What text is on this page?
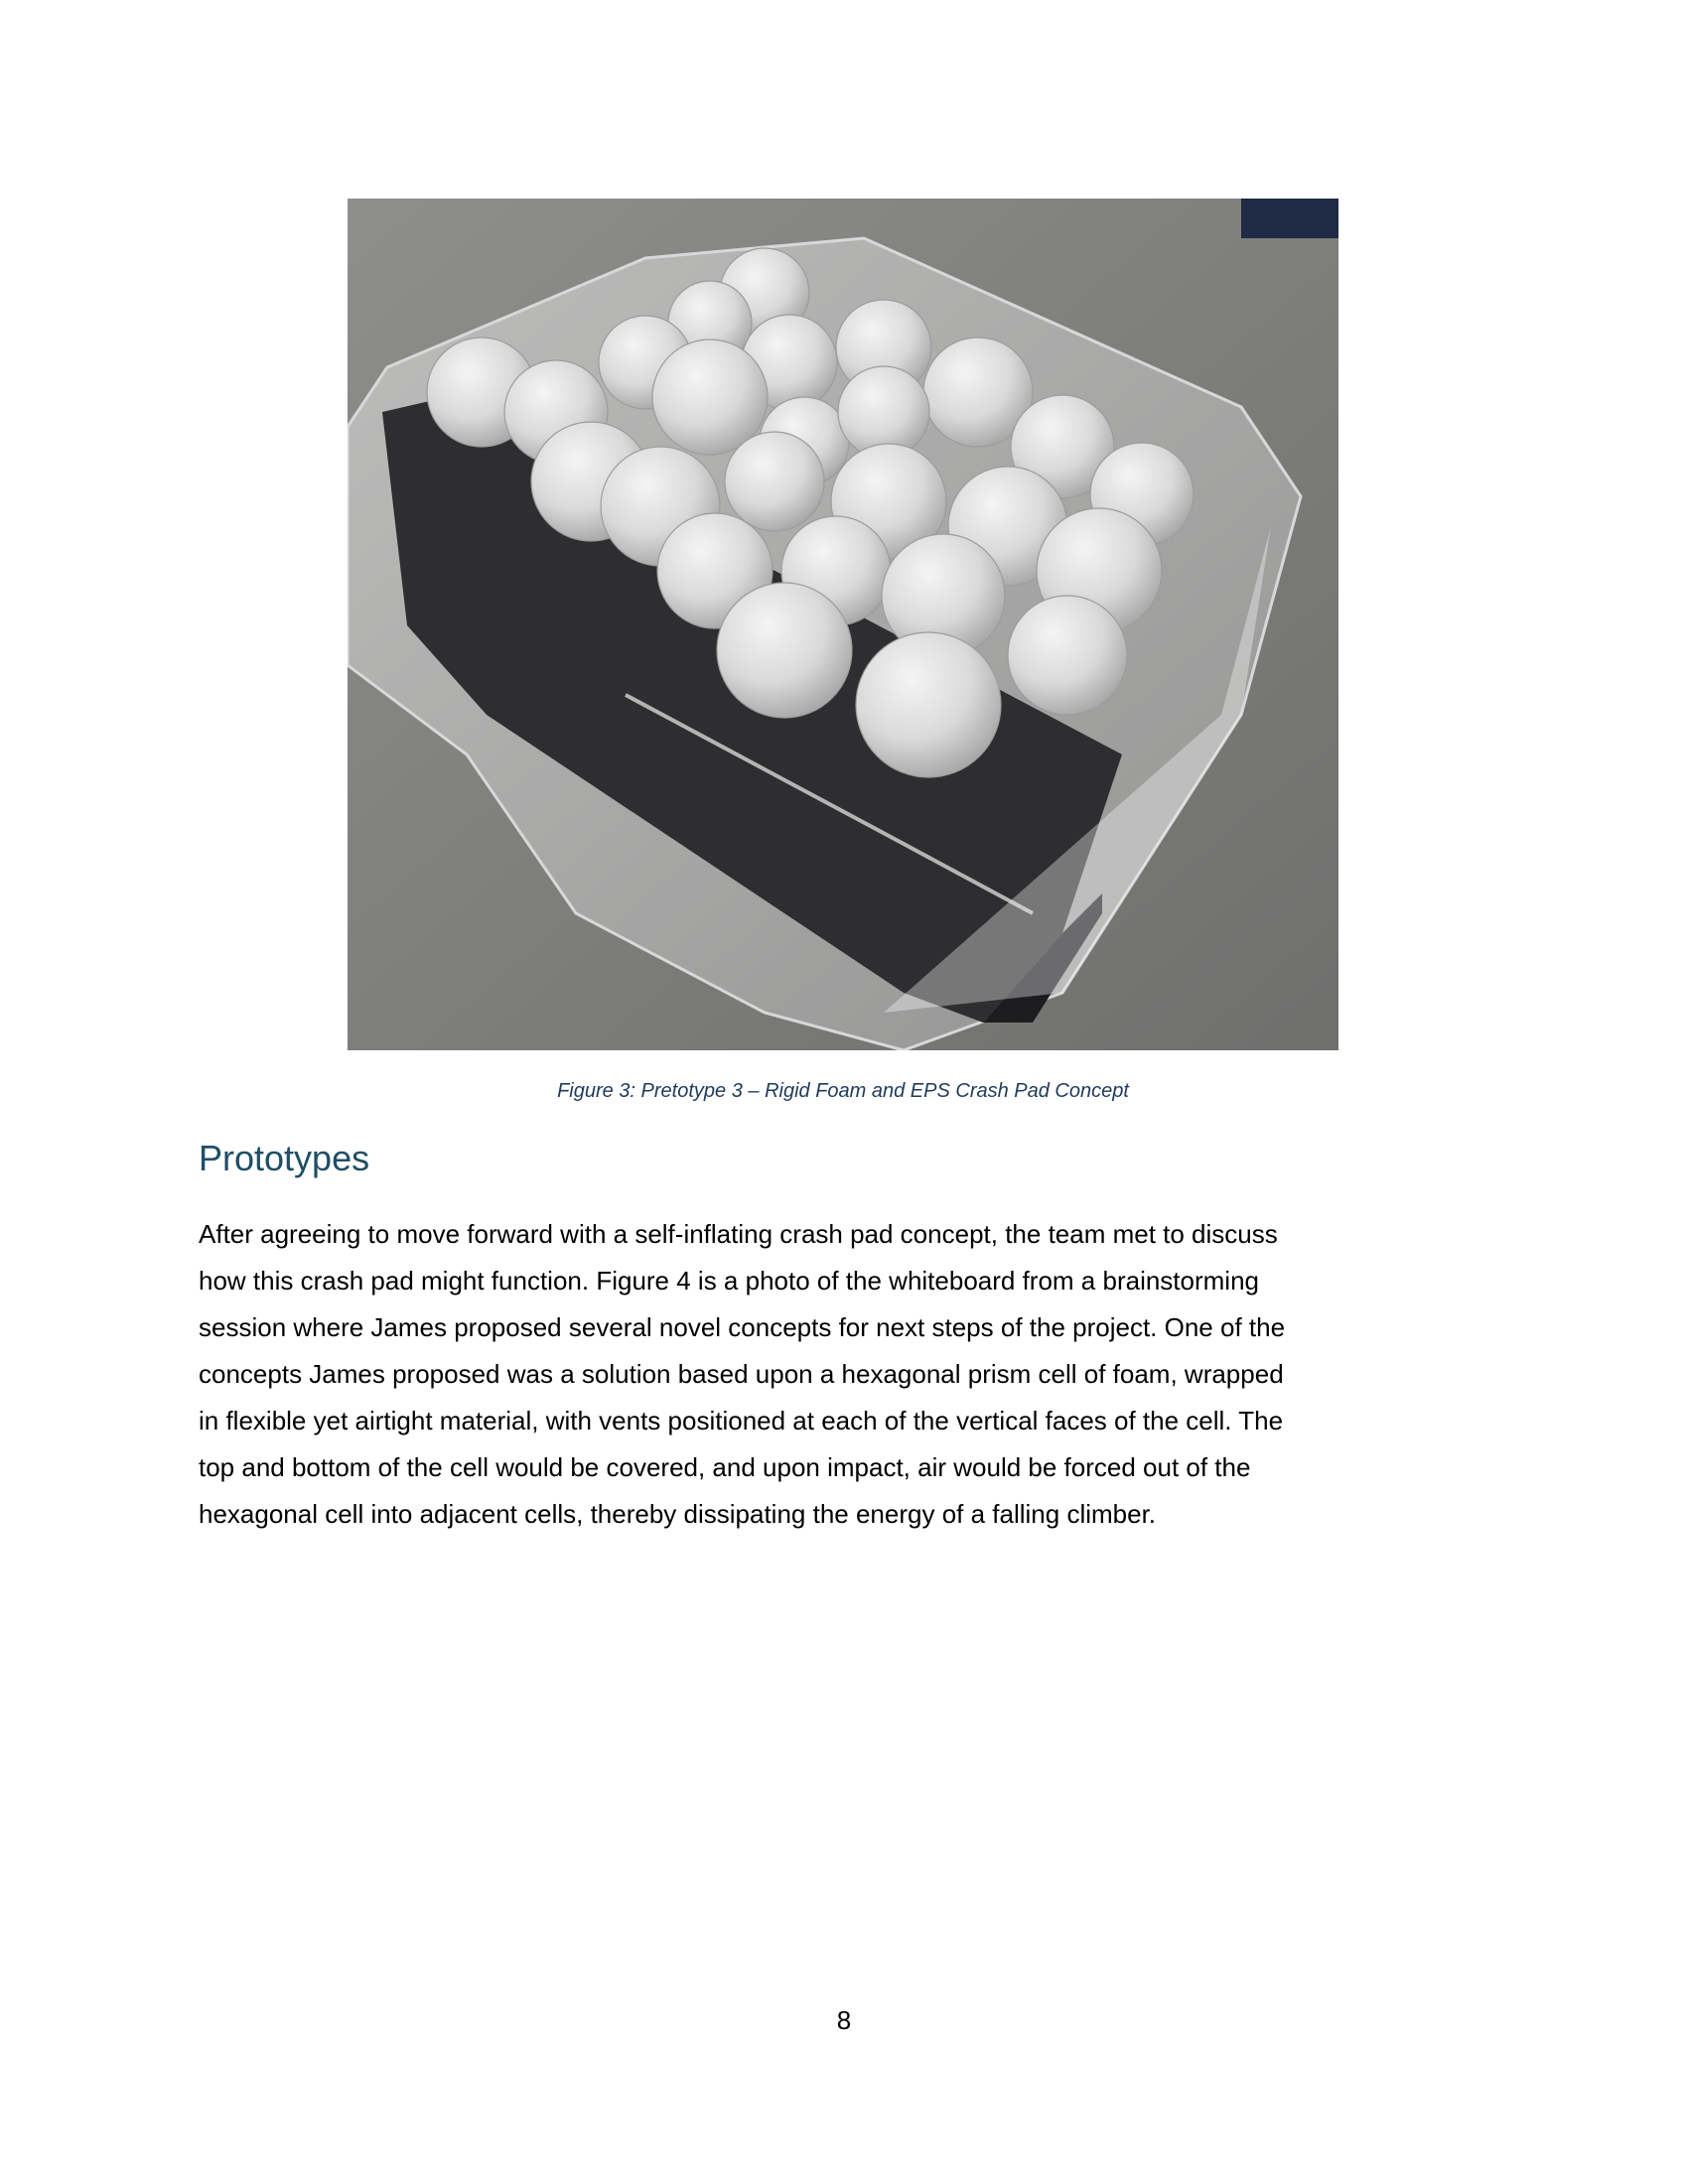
Figure 3: Pretotype 3 – Rigid Foam and EPS Crash Pad Concept
Prototypes
After agreeing to move forward with a self-inflating crash pad concept, the team met to discuss
how this crash pad might function. Figure 4 is a photo of the whiteboard from a brainstorming
session where James proposed several novel concepts for next steps of the project. One of the
concepts James proposed was a solution based upon a hexagonal prism cell of foam, wrapped
in flexible yet airtight material, with vents positioned at each of the vertical faces of the cell. The
top and bottom of the cell would be covered, and upon impact, air would be forced out of the
hexagonal cell into adjacent cells, thereby dissipating the energy of a falling climber.
8
